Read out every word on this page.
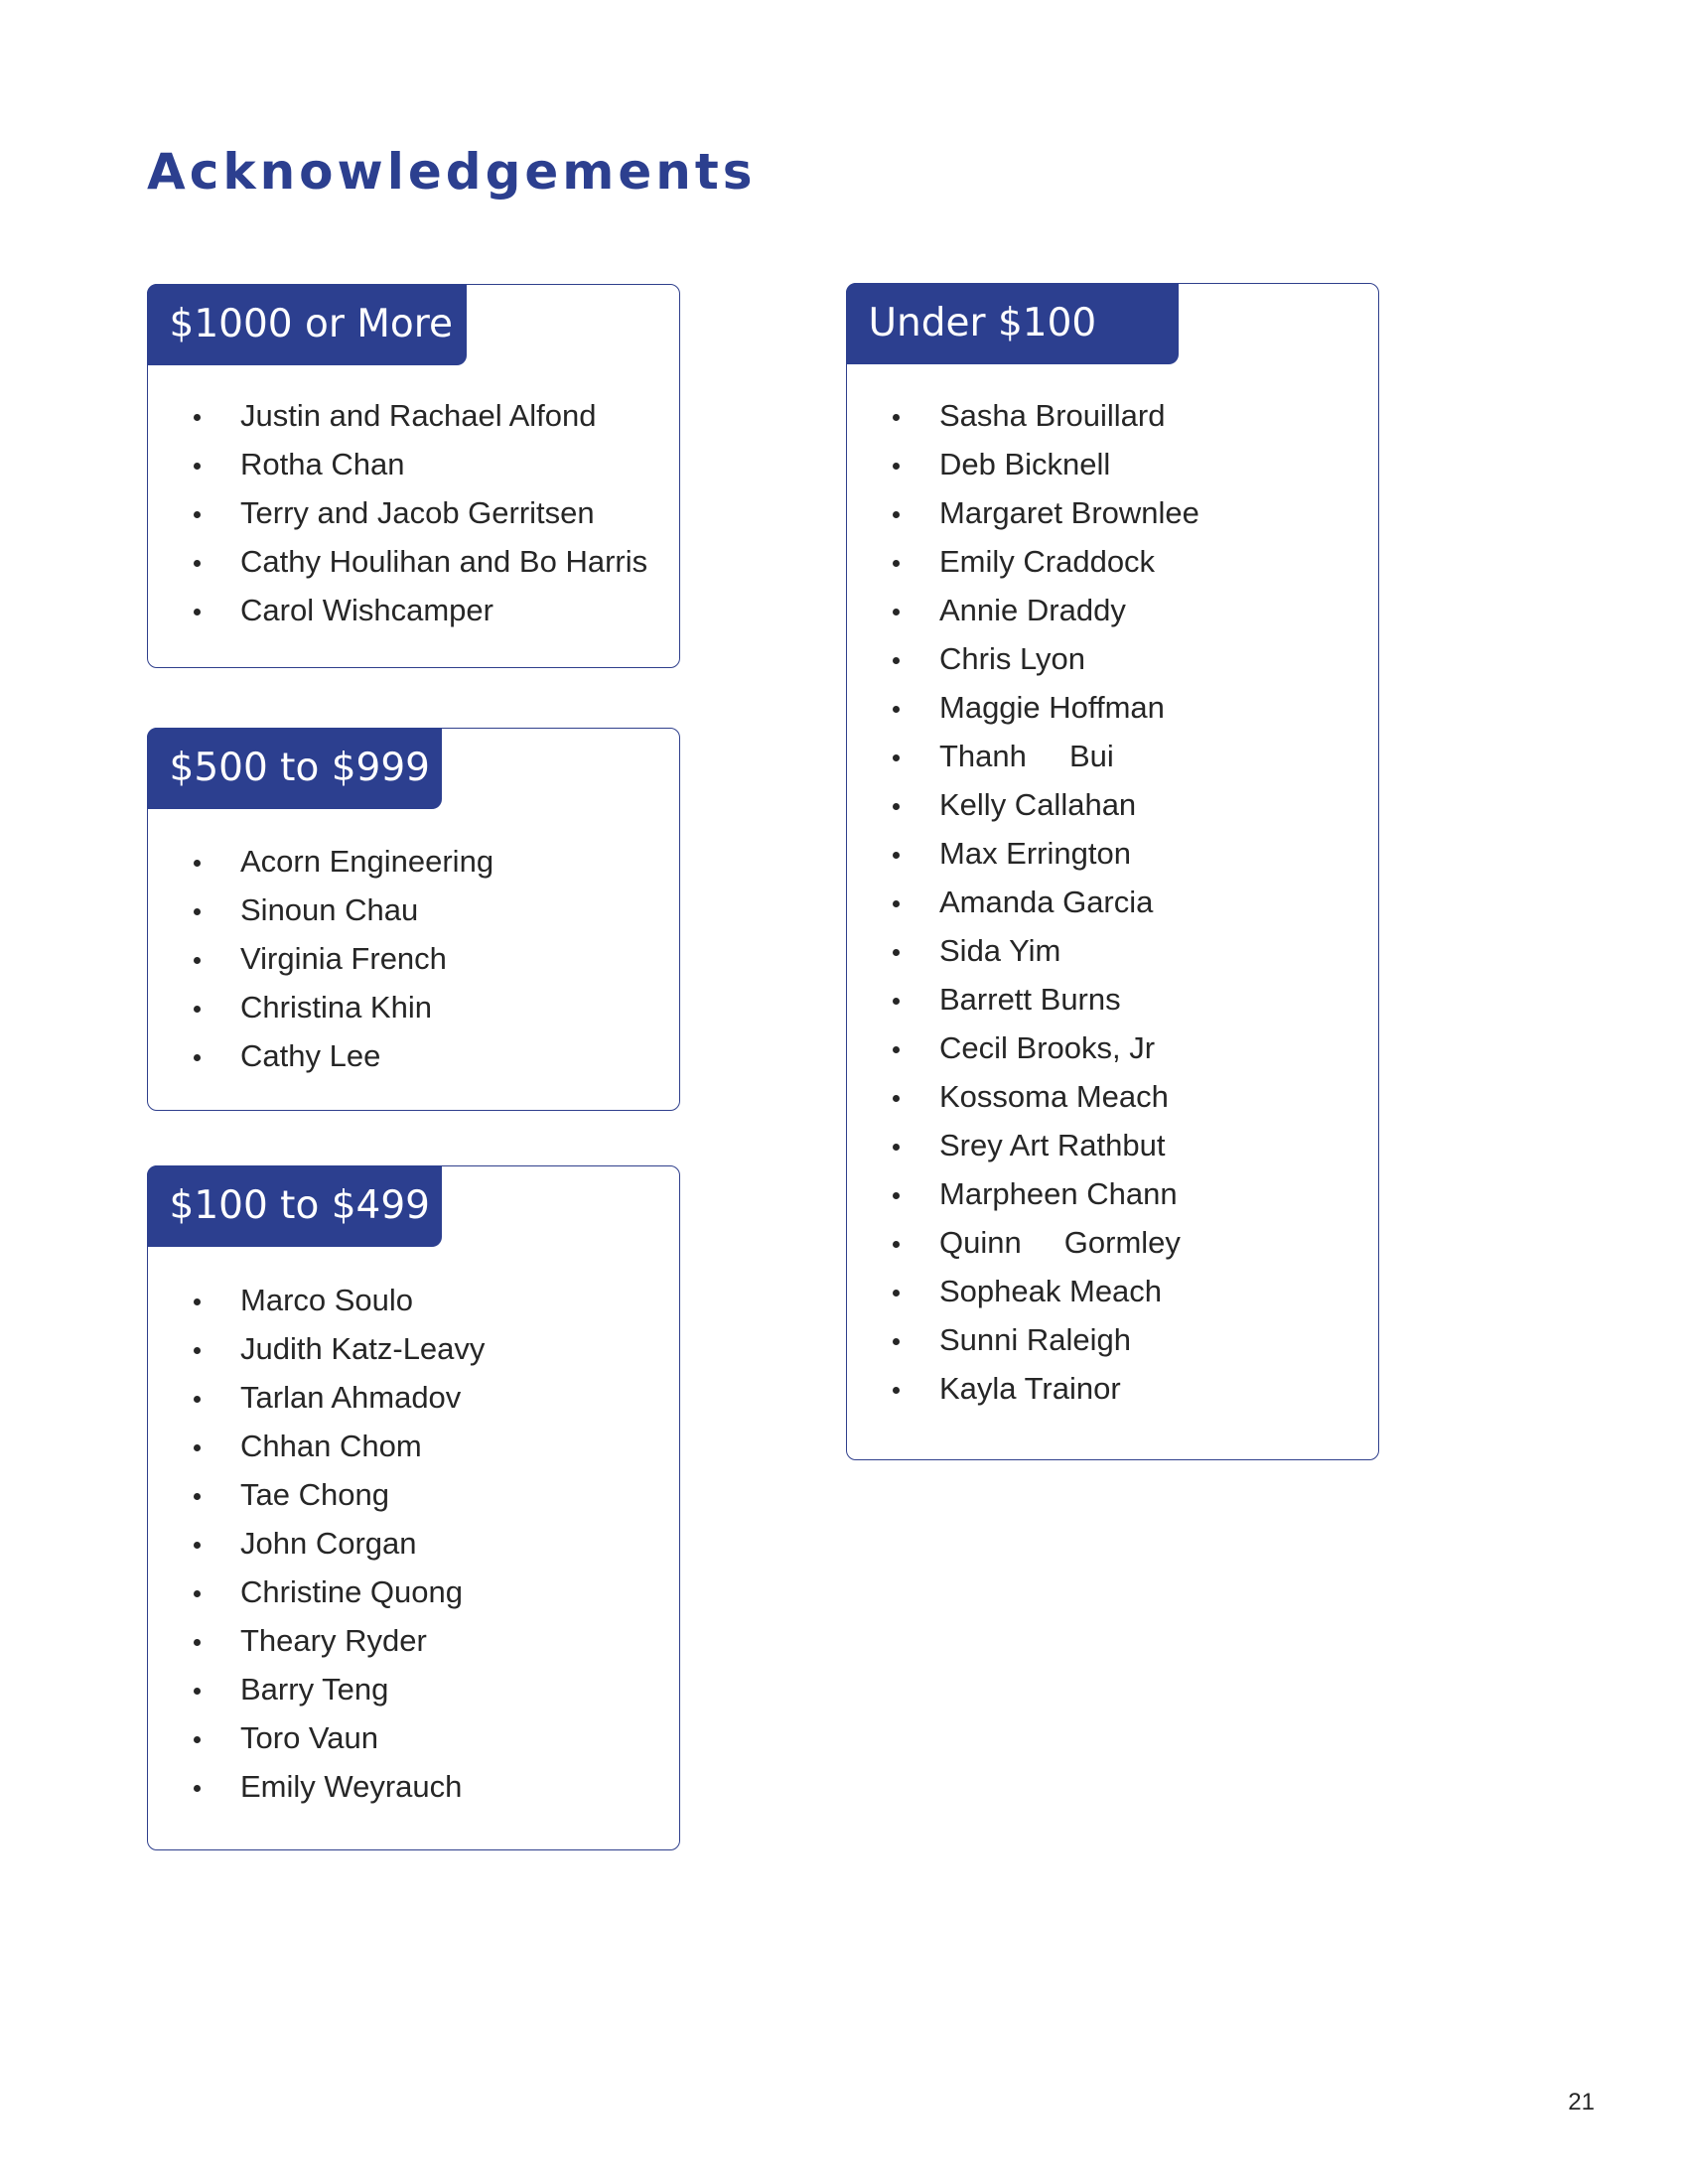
Acknowledgements
$1000 or More
Justin and Rachael Alfond
Rotha Chan
Terry and Jacob Gerritsen
Cathy Houlihan and Bo Harris
Carol Wishcamper
$500 to $999
Acorn Engineering
Sinoun Chau
Virginia French
Christina Khin
Cathy Lee
$100 to $499
Marco Soulo
Judith Katz-Leavy
Tarlan Ahmadov
Chhan Chom
Tae Chong
John Corgan
Christine Quong
Theary Ryder
Barry Teng
Toro Vaun
Emily Weyrauch
Under $100
Sasha Brouillard
Deb Bicknell
Margaret Brownlee
Emily Craddock
Annie Draddy
Chris Lyon
Maggie Hoffman
Thanh     Bui
Kelly Callahan
Max Errington
Amanda Garcia
Sida Yim
Barrett Burns
Cecil Brooks, Jr
Kossoma Meach
Srey Art Rathbut
Marpheen Chann
Quinn     Gormley
Sopheak Meach
Sunni Raleigh
Kayla Trainor
21
